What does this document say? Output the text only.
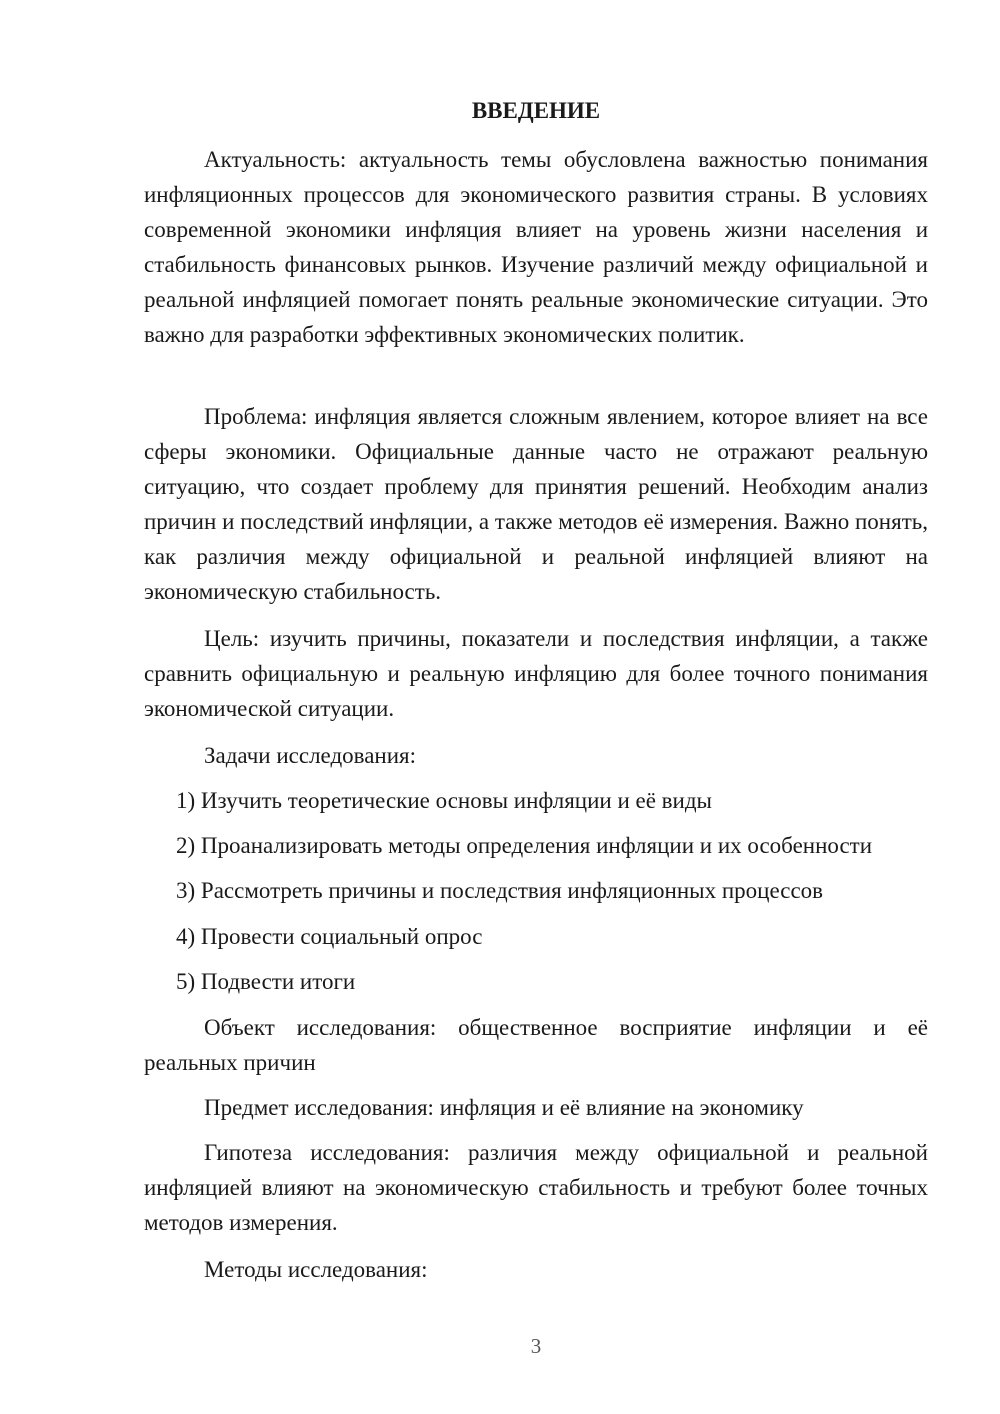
ВВЕДЕНИЕ

Актуальность: актуальность темы обусловлена важностью понимания инфляционных процессов для экономического развития страны. В условиях современной экономики инфляция влияет на уровень жизни населения и стабильность финансовых рынков. Изучение различий между официальной и реальной инфляцией помогает понять реальные экономические ситуации. Это важно для разработки эффективных экономических политик.

Проблема: инфляция является сложным явлением, которое влияет на все сферы экономики. Официальные данные часто не отражают реальную ситуацию, что создает проблему для принятия решений. Необходим анализ причин и последствий инфляции, а также методов её измерения. Важно понять, как различия между официальной и реальной инфляцией влияют на экономическую стабильность.

Цель: изучить причины, показатели и последствия инфляции, а также сравнить официальную и реальную инфляцию для более точного понимания экономической ситуации.

Задачи исследования:

1) Изучить теоретические основы инфляции и её виды

2) Проанализировать методы определения инфляции и их особенности

3) Рассмотреть причины и последствия инфляционных процессов

4) Провести социальный опрос

5) Подвести итоги

Объект исследования: общественное восприятие инфляции и её реальных причин

Предмет исследования: инфляция и её влияние на экономику

Гипотеза исследования: различия между официальной и реальной инфляцией влияют на экономическую стабильность и требуют более точных методов измерения.

Методы исследования:

3
